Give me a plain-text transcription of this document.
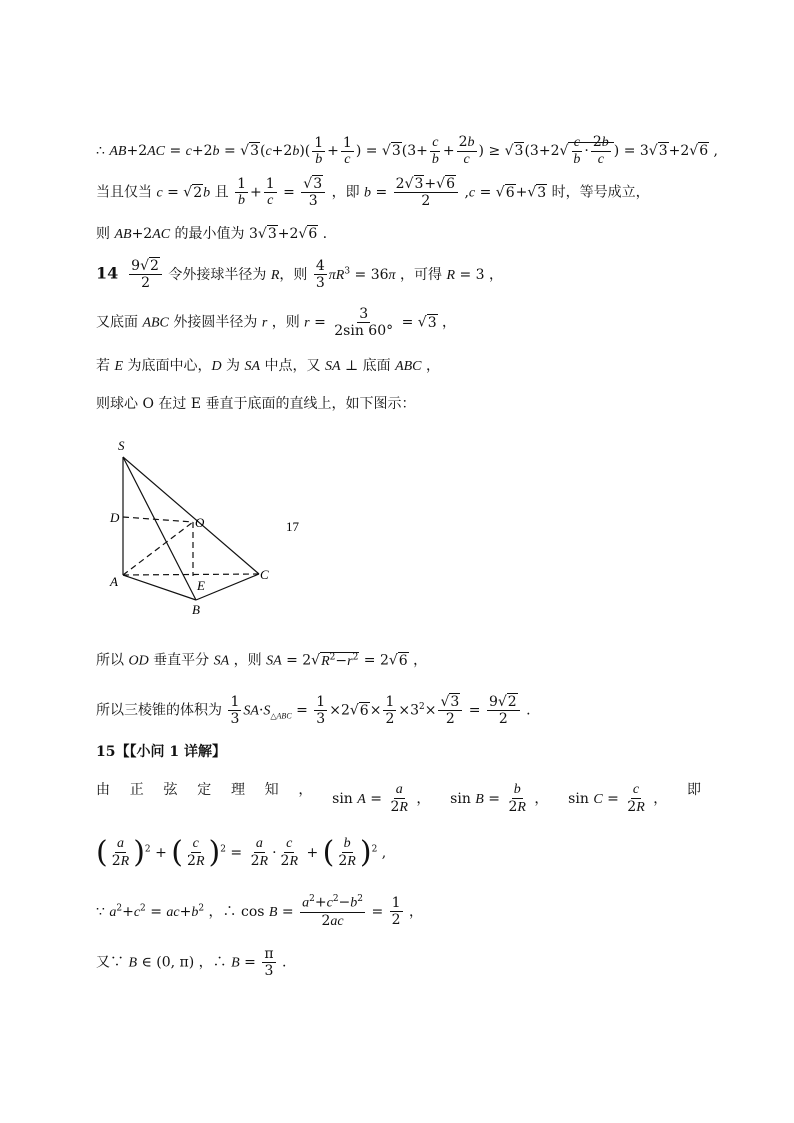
∴ $AB+2AC = c+2b = √3(c+2b)( \frac{1}{b} + \frac{1}{c}$ ) = $√3(3+ \frac{c}{b} + \frac{2b}{c}$ ) ≥ $√3(3+2√ \frac{c}{b} \cdot \frac{2b}{c}$ ) = 3√3+2√6 ,
当且仅当 c = √2b 且 $\frac{1}{b} + \frac{1}{c} = \frac{√3}{3}$ ，即 $b = \frac{2√3+√6}{2} ,c = √6+√3$ 时，等号成立，
则 AB+2AC 的最小值为 3√3+2√6 .
$14 \frac{9√2}{2}$ 令外接球半径为 R，则 $\frac{4}{3} \pi R^3 = 36\pi$ ，可得 R = 3 ，
又底面 ABC 外接圆半径为 r ，则 $r = \frac{3}{2\sin 60^\circ} = √3$ ，
若 E 为底面中心，D 为 SA 中点，又 SA ⊥ 底面 ABC ，
则球心 O 在过 E 垂直于底面的直线上，如下图示：
S
D	O
A	E
B
C
17
所以 OD 垂直平分 SA ，则 SA = $2√R^2-r^2 = 2√6$ ，
所以三棱锥的体积为 $\frac{1}{3} SA\cdot S_{\triangle ABC} = \frac{1}{3} \times 2√6\times \frac{1}{2} \times 3^2\times \frac{√3}{2} = \frac{9√2}{2}$ .
15【【小问 1 详解】
由 正 弦 定 理 知 ，
$\sin A = \frac{a}{2R}$ ， $\sin B = \frac{b}{2R}$ ， $\sin C = \frac{c}{2R}$ ，
即
( $\frac{a}{2R} )^2$ + ( $\frac{c}{2R} )^2 = \frac{a}{2R} \cdot \frac{c}{2R}$ + ( $\frac{b}{2R} )^2$ ,
∵ $a^2+c^2 = ac+b^2$ ，∴ $\cos B = \frac{a^2+c^2-b^2}{2ac} = \frac{1}{2}$ ，
又∵ B ∈ (0, π) ，∴ $B = \frac{\pi}{3}$ .
